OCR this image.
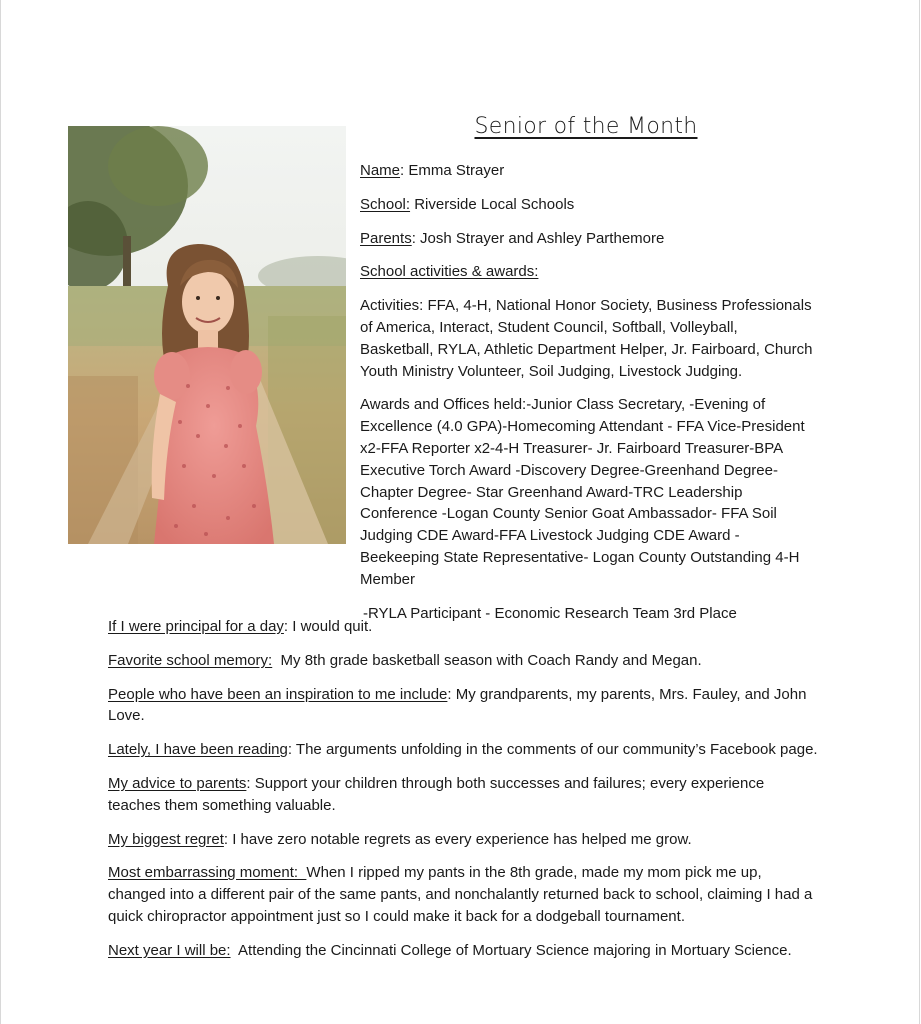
Senior of the Month

Name: Emma Strayer

School: Riverside Local Schools

Parents: Josh Strayer and Ashley Parthemore

School activities & awards:

Activities: FFA, 4-H, National Honor Society, Business Professionals of America, Interact, Student Council, Softball, Volleyball, Basketball, RYLA, Athletic Department Helper, Jr. Fairboard, Church Youth Ministry Volunteer, Soil Judging, Livestock Judging.

Awards and Offices held:-Junior Class Secretary, -Evening of Excellence (4.0 GPA)-Homecoming Attendant - FFA Vice-President x2-FFA Reporter x2-4-H Treasurer- Jr. Fairboard Treasurer-BPA Executive Torch Award -Discovery Degree-Greenhand Degree-Chapter Degree- Star Greenhand Award-TRC Leadership Conference -Logan County Senior Goat Ambassador- FFA Soil Judging CDE Award-FFA Livestock Judging CDE Award - Beekeeping State Representative- Logan County Outstanding 4-H Member

-RYLA Participant - Economic Research Team 3rd Place

If I were principal for a day: I would quit.

Favorite school memory:  My 8th grade basketball season with Coach Randy and Megan.

People who have been an inspiration to me include: My grandparents, my parents, Mrs. Fauley, and John Love.

Lately, I have been reading: The arguments unfolding in the comments of our community’s Facebook page.

My advice to parents: Support your children through both successes and failures; every experience teaches them something valuable.

My biggest regret: I have zero notable regrets as every experience has helped me grow.

Most embarrassing moment:  When I ripped my pants in the 8th grade, made my mom pick me up, changed into a different pair of the same pants, and nonchalantly returned back to school, claiming I had a quick chiropractor appointment just so I could make it back for a dodgeball tournament.

Next year I will be:  Attending the Cincinnati College of Mortuary Science majoring in Mortuary Science.
